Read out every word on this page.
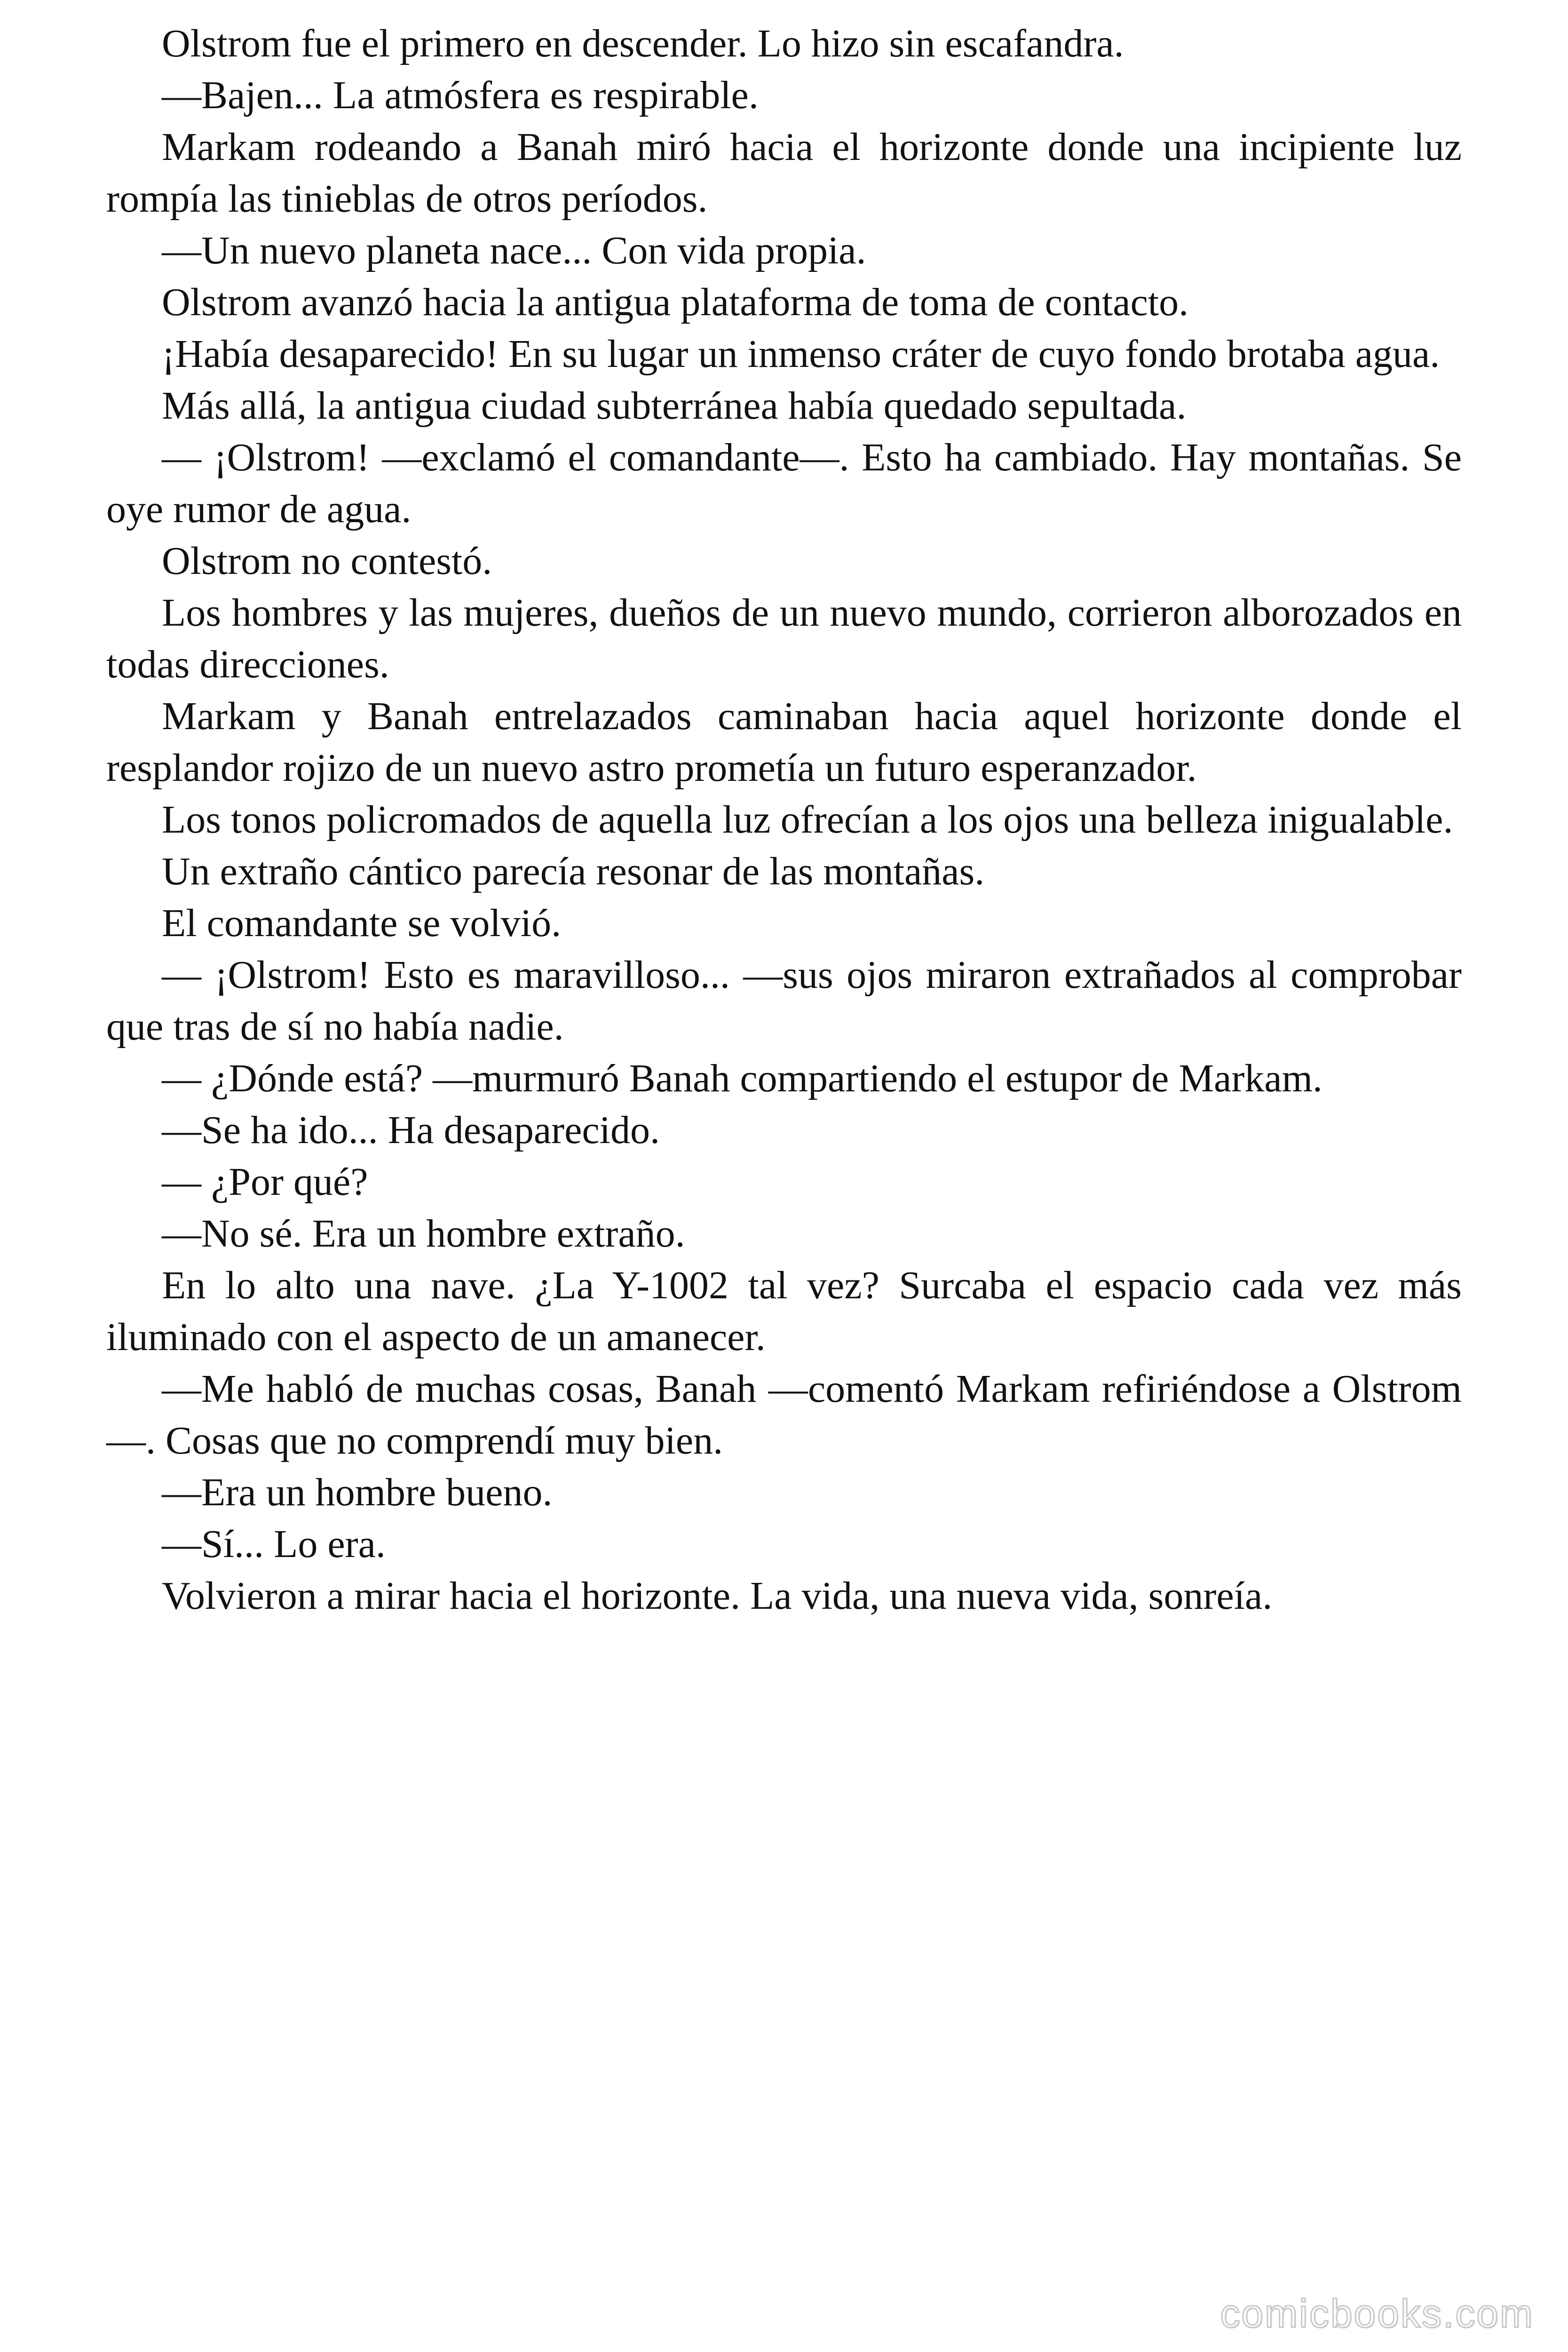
Olstrom fue el primero en descender. Lo hizo sin escafandra.

—Bajen... La atmósfera es respirable.

Markam rodeando a Banah miró hacia el horizonte donde una incipiente luz rompía las tinieblas de otros períodos.

—Un nuevo planeta nace... Con vida propia.

Olstrom avanzó hacia la antigua plataforma de toma de contacto.

¡Había desaparecido! En su lugar un inmenso cráter de cuyo fondo brotaba agua.

Más allá, la antigua ciudad subterránea había quedado sepultada.

— ¡Olstrom! —exclamó el comandante—. Esto ha cambiado. Hay montañas. Se oye rumor de agua.

Olstrom no contestó.

Los hombres y las mujeres, dueños de un nuevo mundo, corrieron alborozados en todas direcciones.

Markam y Banah entrelazados caminaban hacia aquel horizonte donde el resplandor rojizo de un nuevo astro prometía un futuro esperanzador.

Los tonos policromados de aquella luz ofrecían a los ojos una belleza inigualable.

Un extraño cántico parecía resonar de las montañas.

El comandante se volvió.

— ¡Olstrom! Esto es maravilloso... —sus ojos miraron extrañados al comprobar que tras de sí no había nadie.

— ¿Dónde está? —murmuró Banah compartiendo el estupor de Markam.

—Se ha ido... Ha desaparecido.

— ¿Por qué?

—No sé. Era un hombre extraño.

En lo alto una nave. ¿La Y-1002 tal vez? Surcaba el espacio cada vez más iluminado con el aspecto de un amanecer.

—Me habló de muchas cosas, Banah —comentó Markam refiriéndose a Olstrom—. Cosas que no comprendí muy bien.

—Era un hombre bueno.

—Sí... Lo era.

Volvieron a mirar hacia el horizonte. La vida, una nueva vida, sonreía.

comicbooks.com
